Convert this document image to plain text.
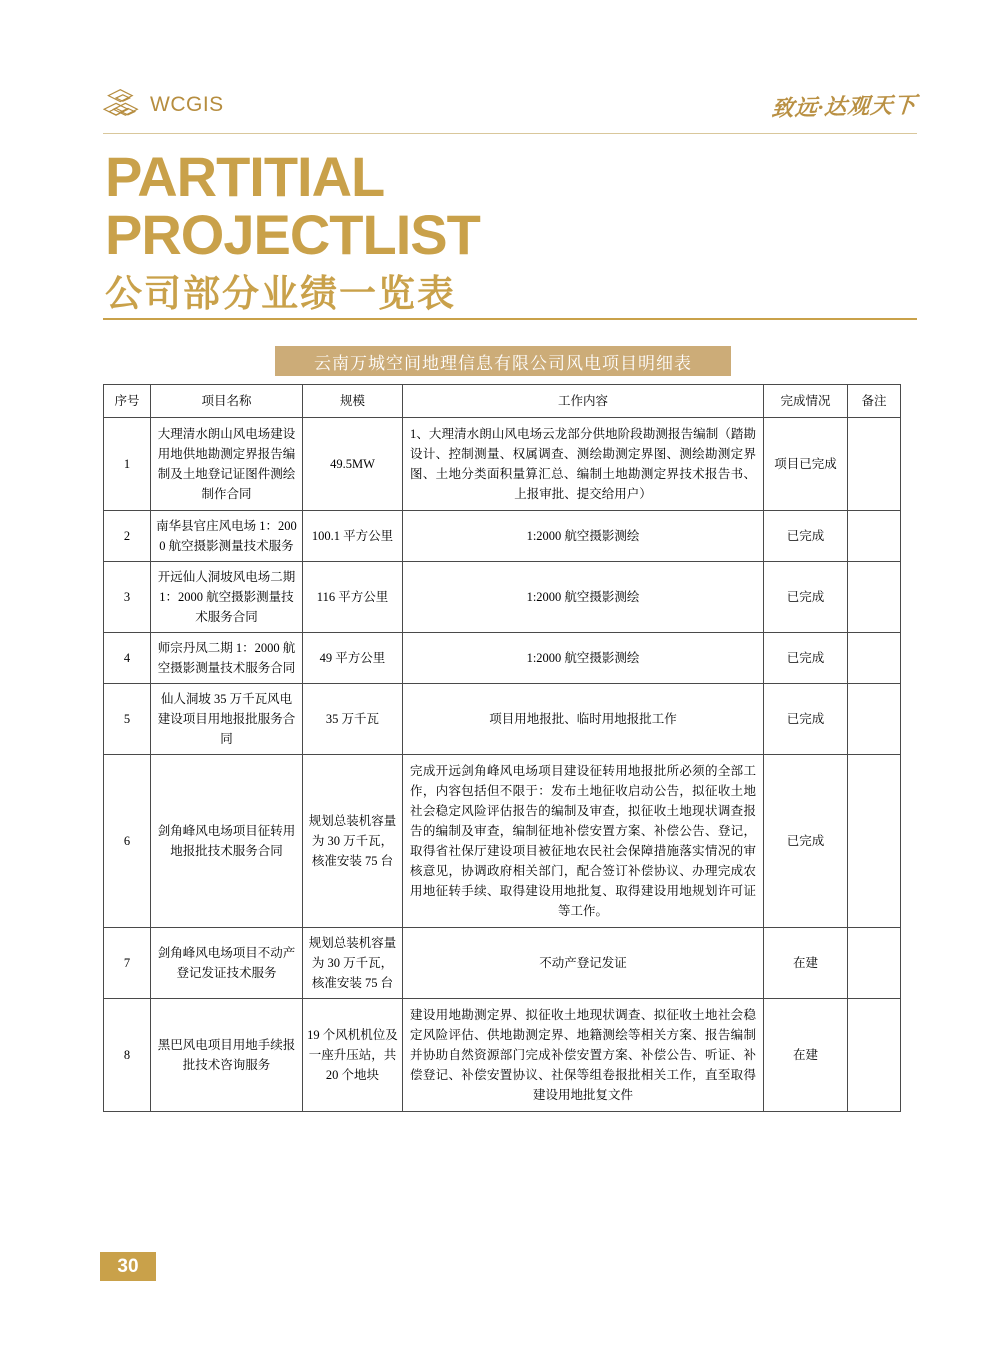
WCGIS	致远·达观天下
PARTITIAL
PROJECTLIST
公司部分业绩一览表
云南万城空间地理信息有限公司风电项目明细表
序号	项目名称	规模	工作内容	完成情况	备注
1	大理清水朗山风电场建设用地供地勘测定界报告编制及土地登记证图件测绘制作合同	49.5MW	1、大理清水朗山风电场云龙部分供地阶段勘测报告编制（踏勘设计、控制测量、权属调查、测绘勘测定界图、测绘勘测定界图、土地分类面积量算汇总、编制土地勘测定界技术报告书、上报审批、提交给用户）	项目已完成	
2	南华县官庄风电场 1：2000 航空摄影测量技术服务	100.1 平方公里	1:2000 航空摄影测绘	已完成	
3	开远仙人洞坡风电场二期 1：2000 航空摄影测量技术服务合同	116 平方公里	1:2000 航空摄影测绘	已完成	
4	师宗丹凤二期 1：2000 航空摄影测量技术服务合同	49 平方公里	1:2000 航空摄影测绘	已完成	
5	仙人洞坡 35 万千瓦风电建设项目用地报批服务合同	35 万千瓦	项目用地报批、临时用地报批工作	已完成	
6	剑角峰风电场项目征转用地报批技术服务合同	规划总装机容量为 30 万千瓦，核准安装 75 台	完成开远剑角峰风电场项目建设征转用地报批所必须的全部工作，内容包括但不限于：发布土地征收启动公告，拟征收土地社会稳定风险评估报告的编制及审查，拟征收土地现状调查报告的编制及审查，编制征地补偿安置方案、补偿公告、登记，取得省社保厅建设项目被征地农民社会保障措施落实情况的审核意见，协调政府相关部门，配合签订补偿协议、办理完成农用地征转手续、取得建设用地批复、取得建设用地规划许可证等工作。	已完成	
7	剑角峰风电场项目不动产登记发证技术服务	规划总装机容量为 30 万千瓦，核准安装 75 台	不动产登记发证	在建	
8	黑巴风电项目用地手续报批技术咨询服务	19 个风机机位及一座升压站，共 20 个地块	建设用地勘测定界、拟征收土地现状调查、拟征收土地社会稳定风险评估、供地勘测定界、地籍测绘等相关方案、报告编制并协助自然资源部门完成补偿安置方案、补偿公告、听证、补偿登记、补偿安置协议、社保等组卷报批相关工作，直至取得建设用地批复文件	在建	
30
